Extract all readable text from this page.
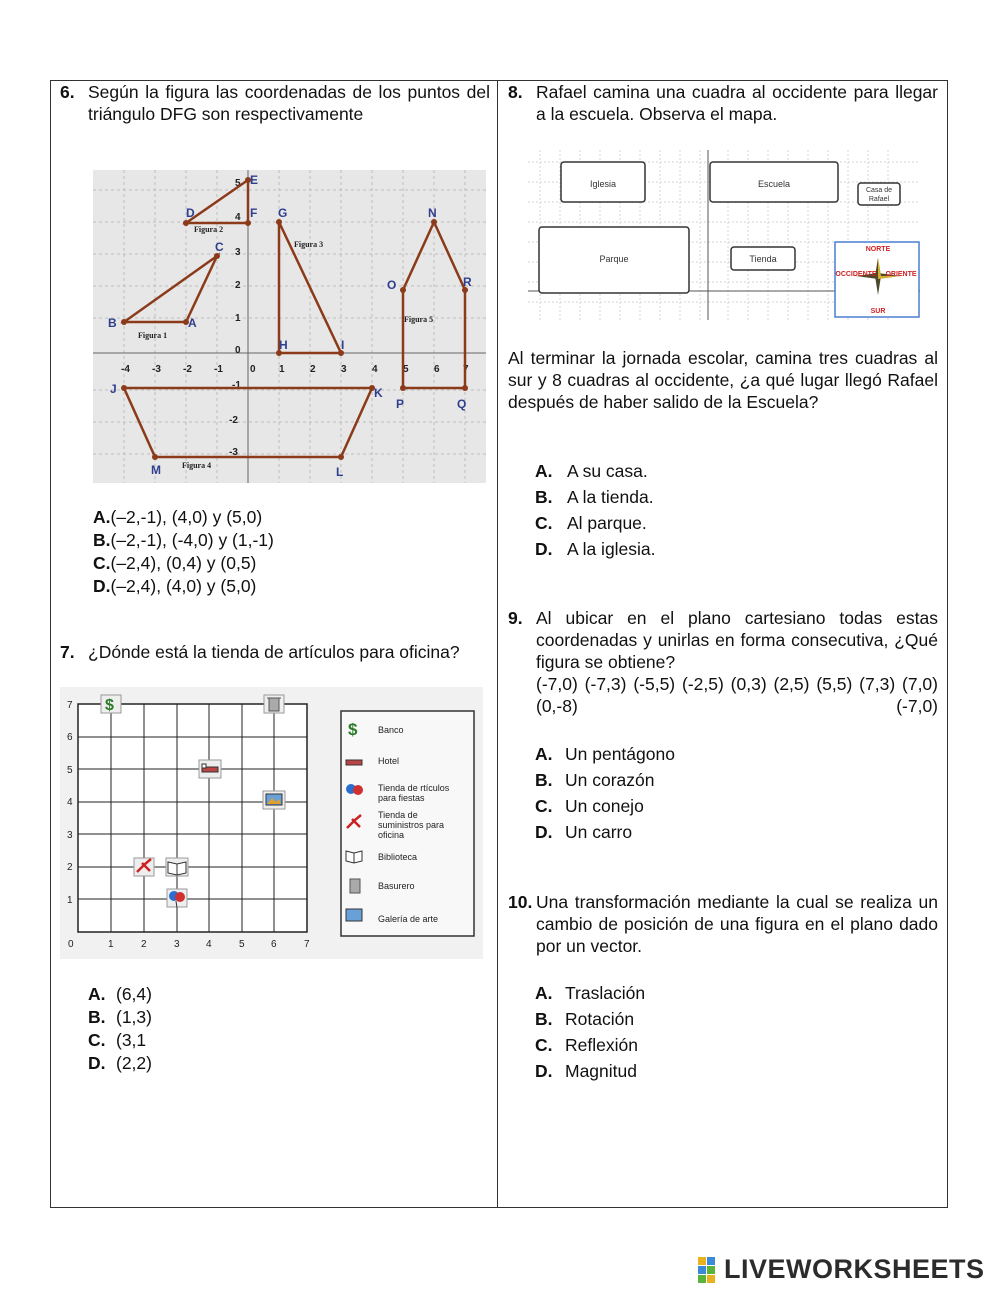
6. Según la figura las coordenadas de los puntos del triángulo DFG son respectivamente
-4 -3 -2 -1	0 1	2	3	4	5	6 7
5
4
3
2
1
0
-1
-2
-3
E
D	F G	N
C
O	R
B	A
H	I
J	K
P	Q
M	L
Figura 2
Figura 3
Figura 1
Figura 5
Figura 4
A. (–2,-1), (4,0) y (5,0)
B. (–2,-1), (-4,0) y (1,-1)
C. (–2,4), (0,4) y (0,5)
D. (–2,4), (4,0) y (5,0)
7. ¿Dónde está la tienda de artículos para oficina?
0	1	2	3	4	5	6	7
7
6
5
4
3
2
1
$
$ Banco
Hotel
Tienda de rtículos para fiestas
Tienda de suministros para oficina
Biblioteca
Basurero
Galería de arte
A. (6,4)
B. (1,3)
C. (3,1
D. (2,2)
8. Rafael camina una cuadra al occidente para llegar a la escuela. Observa el mapa.
Iglesia	Escuela
Casa de
Rafael
Parque	Tienda
NORTE
SUR
OCCIDENTE ORIENTE
Al terminar la jornada escolar, camina tres cuadras al sur y 8 cuadras al occidente, ¿a qué lugar llegó Rafael después de haber salido de la Escuela?
A. A su casa.
B. A la tienda.
C. Al parque.
D. A la iglesia.
9. Al ubicar en el plano cartesiano todas estas coordenadas y unirlas en forma consecutiva, ¿Qué figura se obtiene?
(-7,0) (-7,3) (-5,5) (-2,5) (0,3) (2,5) (5,5) (7,3) (7,0) (0,-8) (-7,0)
A. Un pentágono
B. Un corazón
C. Un conejo
D. Un carro
10. Una transformación mediante la cual se realiza un cambio de posición de una figura en el plano dado por un vector.
A. Traslación
B. Rotación
C. Reflexión
D. Magnitud
LIVEWORKSHEETS
